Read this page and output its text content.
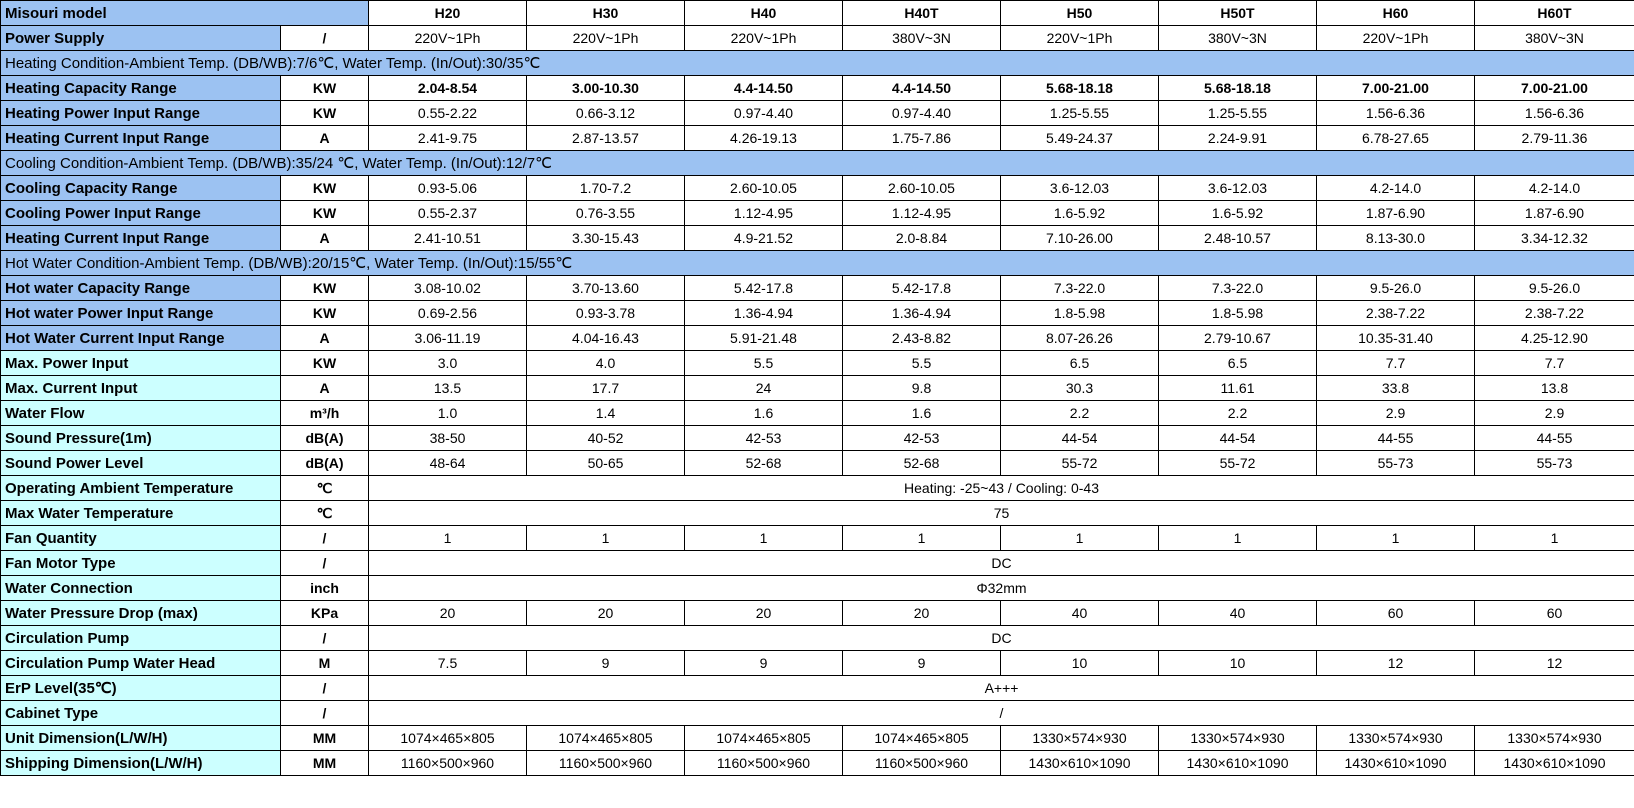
Misouri model		H20	H30	H40	H40T	H50	H50T	H60	H60T
Power Supply	/	220V~1Ph	220V~1Ph	220V~1Ph	380V~3N	220V~1Ph	380V~3N	220V~1Ph	380V~3N
Heating Condition-Ambient Temp. (DB/WB):7/6℃, Water Temp. (In/Out):30/35℃									
Heating Capacity Range	KW	2.04-8.54	3.00-10.30	4.4-14.50	4.4-14.50	5.68-18.18	5.68-18.18	7.00-21.00	7.00-21.00
Heating Power Input Range	KW	0.55-2.22	0.66-3.12	0.97-4.40	0.97-4.40	1.25-5.55	1.25-5.55	1.56-6.36	1.56-6.36
Heating Current Input Range	A	2.41-9.75	2.87-13.57	4.26-19.13	1.75-7.86	5.49-24.37	2.24-9.91	6.78-27.65	2.79-11.36
Cooling Condition-Ambient Temp. (DB/WB):35/24 ℃, Water Temp. (In/Out):12/7℃									
Cooling Capacity Range	KW	0.93-5.06	1.70-7.2	2.60-10.05	2.60-10.05	3.6-12.03	3.6-12.03	4.2-14.0	4.2-14.0
Cooling Power Input Range	KW	0.55-2.37	0.76-3.55	1.12-4.95	1.12-4.95	1.6-5.92	1.6-5.92	1.87-6.90	1.87-6.90
Heating Current Input Range	A	2.41-10.51	3.30-15.43	4.9-21.52	2.0-8.84	7.10-26.00	2.48-10.57	8.13-30.0	3.34-12.32
Hot Water Condition-Ambient Temp. (DB/WB):20/15℃, Water Temp. (In/Out):15/55℃									
Hot water Capacity Range	KW	3.08-10.02	3.70-13.60	5.42-17.8	5.42-17.8	7.3-22.0	7.3-22.0	9.5-26.0	9.5-26.0
Hot water Power Input Range	KW	0.69-2.56	0.93-3.78	1.36-4.94	1.36-4.94	1.8-5.98	1.8-5.98	2.38-7.22	2.38-7.22
Hot Water Current Input Range	A	3.06-11.19	4.04-16.43	5.91-21.48	2.43-8.82	8.07-26.26	2.79-10.67	10.35-31.40	4.25-12.90
Max. Power Input	KW	3.0	4.0	5.5	5.5	6.5	6.5	7.7	7.7
Max. Current Input	A	13.5	17.7	24	9.8	30.3	11.61	33.8	13.8
Water Flow	m³/h	1.0	1.4	1.6	1.6	2.2	2.2	2.9	2.9
Sound Pressure(1m)	dB(A)	38-50	40-52	42-53	42-53	44-54	44-54	44-55	44-55
Sound Power Level	dB(A)	48-64	50-65	52-68	52-68	55-72	55-72	55-73	55-73
Operating Ambient Temperature	℃	Heating: -25~43 / Cooling: 0-43							
Max Water Temperature	℃	75							
Fan Quantity	/	1	1	1	1	1	1	1	1
Fan Motor Type	/	DC							
Water Connection	inch	Φ32mm							
Water Pressure Drop (max)	KPa	20	20	20	20	40	40	60	60
Circulation Pump	/	DC							
Circulation Pump Water Head	M	7.5	9	9	9	10	10	12	12
ErP Level(35℃)	/	A+++							
Cabinet Type	/	/							
Unit Dimension(L/W/H)	MM	1074×465×805	1074×465×805	1074×465×805	1074×465×805	1330×574×930	1330×574×930	1330×574×930	1330×574×930
Shipping Dimension(L/W/H)	MM	1160×500×960	1160×500×960	1160×500×960	1160×500×960	1430×610×1090	1430×610×1090	1430×610×1090	1430×610×1090
